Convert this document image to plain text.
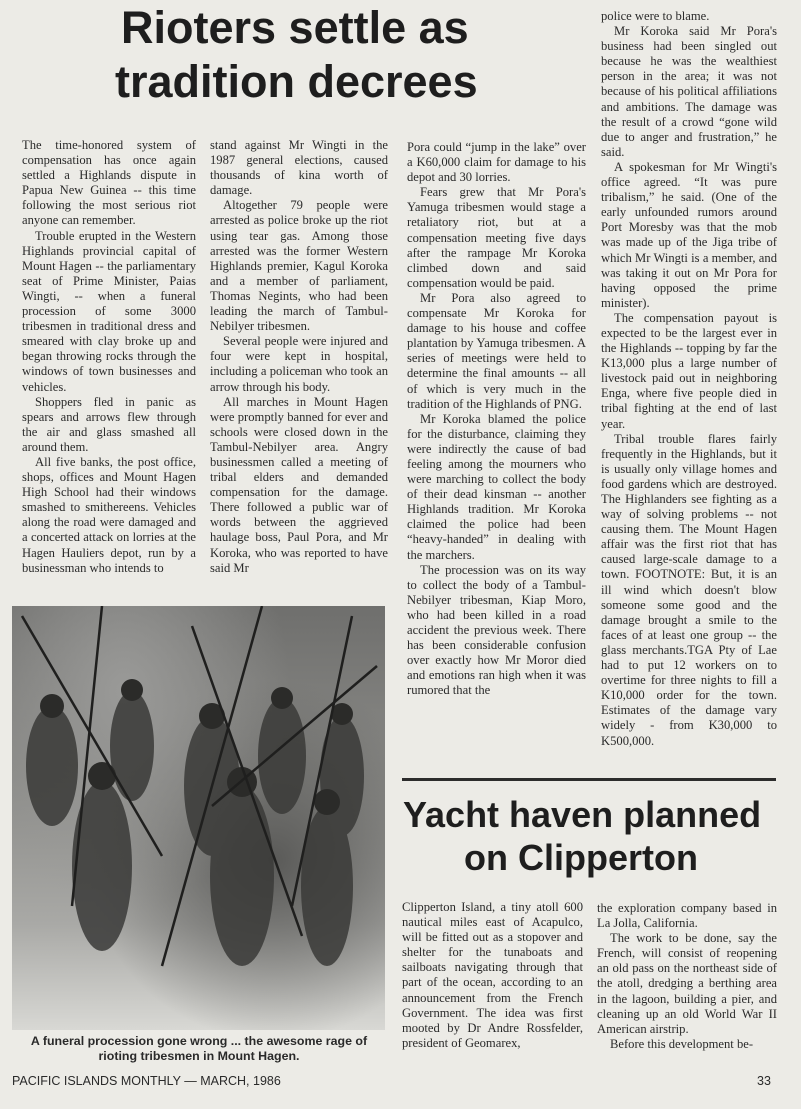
Rioters settle as
tradition decrees

The time-honored system of compensation has once again settled a Highlands dispute in Papua New Guinea -- this time following the most serious riot anyone can remember.

Trouble erupted in the Western Highlands provincial capital of Mount Hagen -- the parliamentary seat of Prime Minister, Paias Wingti, -- when a funeral procession of some 3000 tribesmen in traditional dress and smeared with clay broke up and began throwing rocks through the windows of town businesses and vehicles.

Shoppers fled in panic as spears and arrows flew through the air and glass smashed all around them.

All five banks, the post office, shops, offices and Mount Hagen High School had their windows smashed to smithereens. Vehicles along the road were damaged and a concerted attack on lorries at the Hagen Hauliers depot, run by a businessman who intends to

stand against Mr Wingti in the 1987 general elections, caused thousands of kina worth of damage.

Altogether 79 people were arrested as police broke up the riot using tear gas. Among those arrested was the former Western Highlands premier, Kagul Koroka and a member of parliament, Thomas Negints, who had been leading the march of Tambul-Nebilyer tribesmen.

Several people were injured and four were kept in hospital, including a policeman who took an arrow through his body.

All marches in Mount Hagen were promptly banned for ever and schools were closed down in the Tambul-Nebilyer area. Angry businessmen called a meeting of tribal elders and demanded compensation for the damage. There followed a public war of words between the aggrieved haulage boss, Paul Pora, and Mr Koroka, who was reported to have said Mr

Pora could “jump in the lake” over a K60,000 claim for damage to his depot and 30 lorries.

Fears grew that Mr Pora's Yamuga tribesmen would stage a retaliatory riot, but at a compensation meeting five days after the rampage Mr Koroka climbed down and said compensation would be paid.

Mr Pora also agreed to compensate Mr Koroka for damage to his house and coffee plantation by Yamuga tribesmen. A series of meetings were held to determine the final amounts -- all of which is very much in the tradition of the Highlands of PNG.

Mr Koroka blamed the police for the disturbance, claiming they were indirectly the cause of bad feeling among the mourners who were marching to collect the body of their dead kinsman -- another Highlands tradition. Mr Koroka claimed the police had been “heavy-handed” in dealing with the marchers.

The procession was on its way to collect the body of a Tambul-Nebilyer tribesman, Kiap Moro, who had been killed in a road accident the previous week. There has been considerable confusion over exactly how Mr Moror died and emotions ran high when it was rumored that the

police were to blame.

Mr Koroka said Mr Pora's business had been singled out because he was the wealthiest person in the area; it was not because of his political affiliations and ambitions. The damage was the result of a crowd “gone wild due to anger and frustration,” he said.

A spokesman for Mr Wingti's office agreed. “It was pure tribalism,” he said. (One of the early unfounded rumors around Port Moresby was that the mob was made up of the Jiga tribe of which Mr Wingti is a member, and was taking it out on Mr Pora for having opposed the prime minister).

The compensation payout is expected to be the largest ever in the Highlands -- topping by far the K13,000 plus a large number of livestock paid out in neighboring Enga, where five people died in tribal fighting at the end of last year.

Tribal trouble flares fairly frequently in the Highlands, but it is usually only village homes and food gardens which are destroyed. The Highlanders see fighting as a way of solving problems -- not causing them. The Mount Hagen affair was the first riot that has caused large-scale damage to a town. FOOTNOTE: But, it is an ill wind which doesn't blow someone some good and the damage brought a smile to the faces of at least one group -- the glass merchants.TGA Pty of Lae had to put 12 workers on to overtime for three nights to fill a K10,000 order for the town. Estimates of the damage vary widely - from K30,000 to K500,000.

A funeral procession gone wrong ... the awesome rage of rioting tribesmen in Mount Hagen.
Yacht haven planned
on Clipperton

Clipperton Island, a tiny atoll 600 nautical miles east of Acapulco, will be fitted out as a stopover and shelter for the tunaboats and sailboats navigating through that part of the ocean, according to an announcement from the French Government. The idea was first mooted by Dr Andre Rossfelder, president of Geomarex,

the exploration company based in La Jolla, California.

The work to be done, say the French, will consist of reopening an old pass on the northeast side of the atoll, dredging a berthing area in the lagoon, building a pier, and cleaning up an old World War II American airstrip.

Before this development be-

PACIFIC ISLANDS MONTHLY — MARCH, 1986	33
